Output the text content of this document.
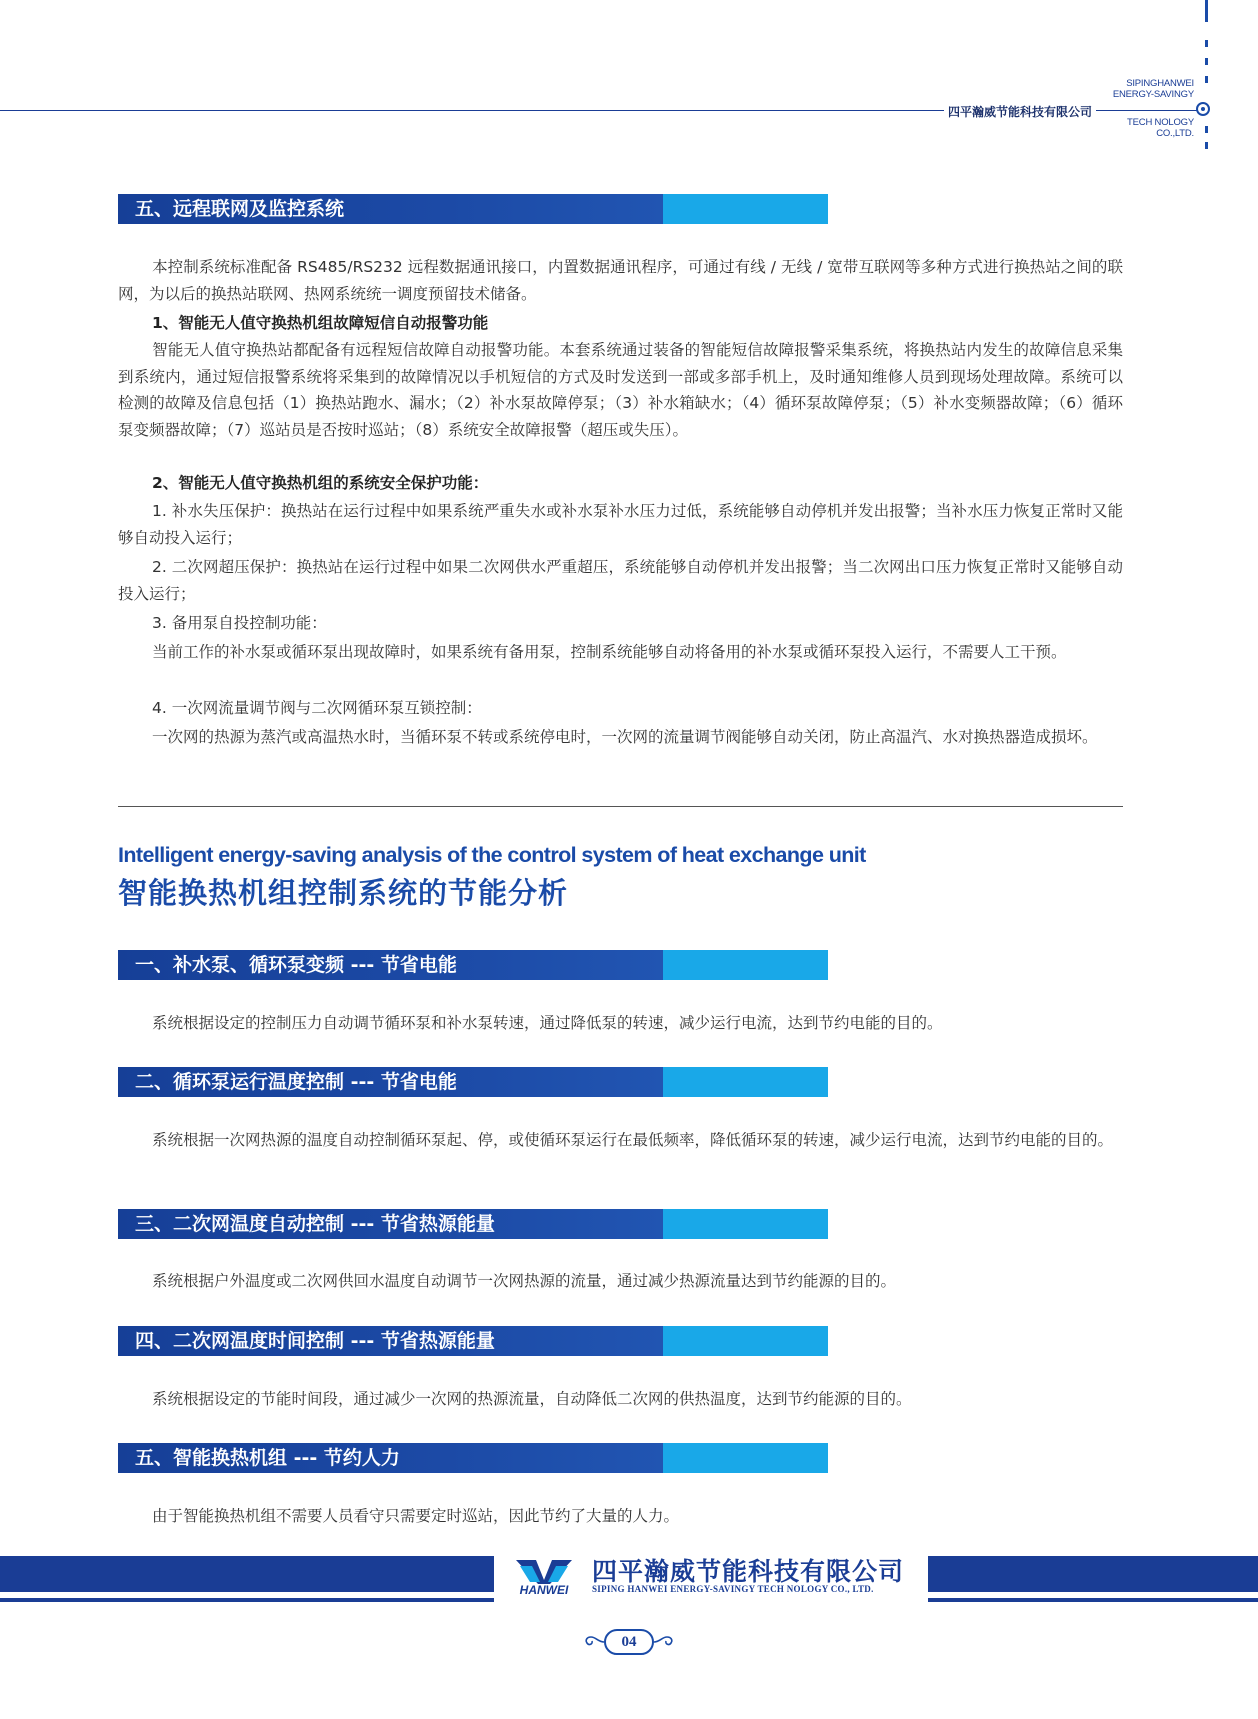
四平瀚威节能科技有限公司
SIPINGHANWEI
ENERGY-SAVINGY
TECH NOLOGY
CO.,LTD.
五、远程联网及监控系统
本控制系统标准配备 RS485/RS232 远程数据通讯接口，内置数据通讯程序，可通过有线 / 无线 / 宽带互联网等多种方式进行换热站之间的联网，为以后的换热站联网、热网系统统一调度预留技术储备。
1、智能无人值守换热机组故障短信自动报警功能
智能无人值守换热站都配备有远程短信故障自动报警功能。本套系统通过装备的智能短信故障报警采集系统，将换热站内发生的故障信息采集到系统内，通过短信报警系统将采集到的故障情况以手机短信的方式及时发送到一部或多部手机上，及时通知维修人员到现场处理故障。系统可以检测的故障及信息包括（1）换热站跑水、漏水；（2）补水泵故障停泵；（3）补水箱缺水；（4）循环泵故障停泵；（5）补水变频器故障；（6）循环泵变频器故障；（7）巡站员是否按时巡站；（8）系统安全故障报警（超压或失压）。
2、智能无人值守换热机组的系统安全保护功能：
1. 补水失压保护：换热站在运行过程中如果系统严重失水或补水泵补水压力过低，系统能够自动停机并发出报警；当补水压力恢复正常时又能够自动投入运行；
2. 二次网超压保护：换热站在运行过程中如果二次网供水严重超压，系统能够自动停机并发出报警；当二次网出口压力恢复正常时又能够自动投入运行；
3. 备用泵自投控制功能：
当前工作的补水泵或循环泵出现故障时，如果系统有备用泵，控制系统能够自动将备用的补水泵或循环泵投入运行，不需要人工干预。
4. 一次网流量调节阀与二次网循环泵互锁控制：
一次网的热源为蒸汽或高温热水时，当循环泵不转或系统停电时，一次网的流量调节阀能够自动关闭，防止高温汽、水对换热器造成损坏。
Intelligent energy-saving analysis of the control system of heat exchange unit
智能换热机组控制系统的节能分析
一、补水泵、循环泵变频 --- 节省电能
系统根据设定的控制压力自动调节循环泵和补水泵转速，通过降低泵的转速，减少运行电流，达到节约电能的目的。
二、循环泵运行温度控制 --- 节省电能
系统根据一次网热源的温度自动控制循环泵起、停，或使循环泵运行在最低频率，降低循环泵的转速，减少运行电流，达到节约电能的目的。
三、二次网温度自动控制 --- 节省热源能量
系统根据户外温度或二次网供回水温度自动调节一次网热源的流量，通过减少热源流量达到节约能源的目的。
四、二次网温度时间控制 --- 节省热源能量
系统根据设定的节能时间段，通过减少一次网的热源流量，自动降低二次网的供热温度，达到节约能源的目的。
五、智能换热机组 --- 节约人力
由于智能换热机组不需要人员看守只需要定时巡站，因此节约了大量的人力。
HANWEI
四平瀚威节能科技有限公司
SIPING HANWEI ENERGY-SAVINGY TECH NOLOGY CO., LTD.
04
